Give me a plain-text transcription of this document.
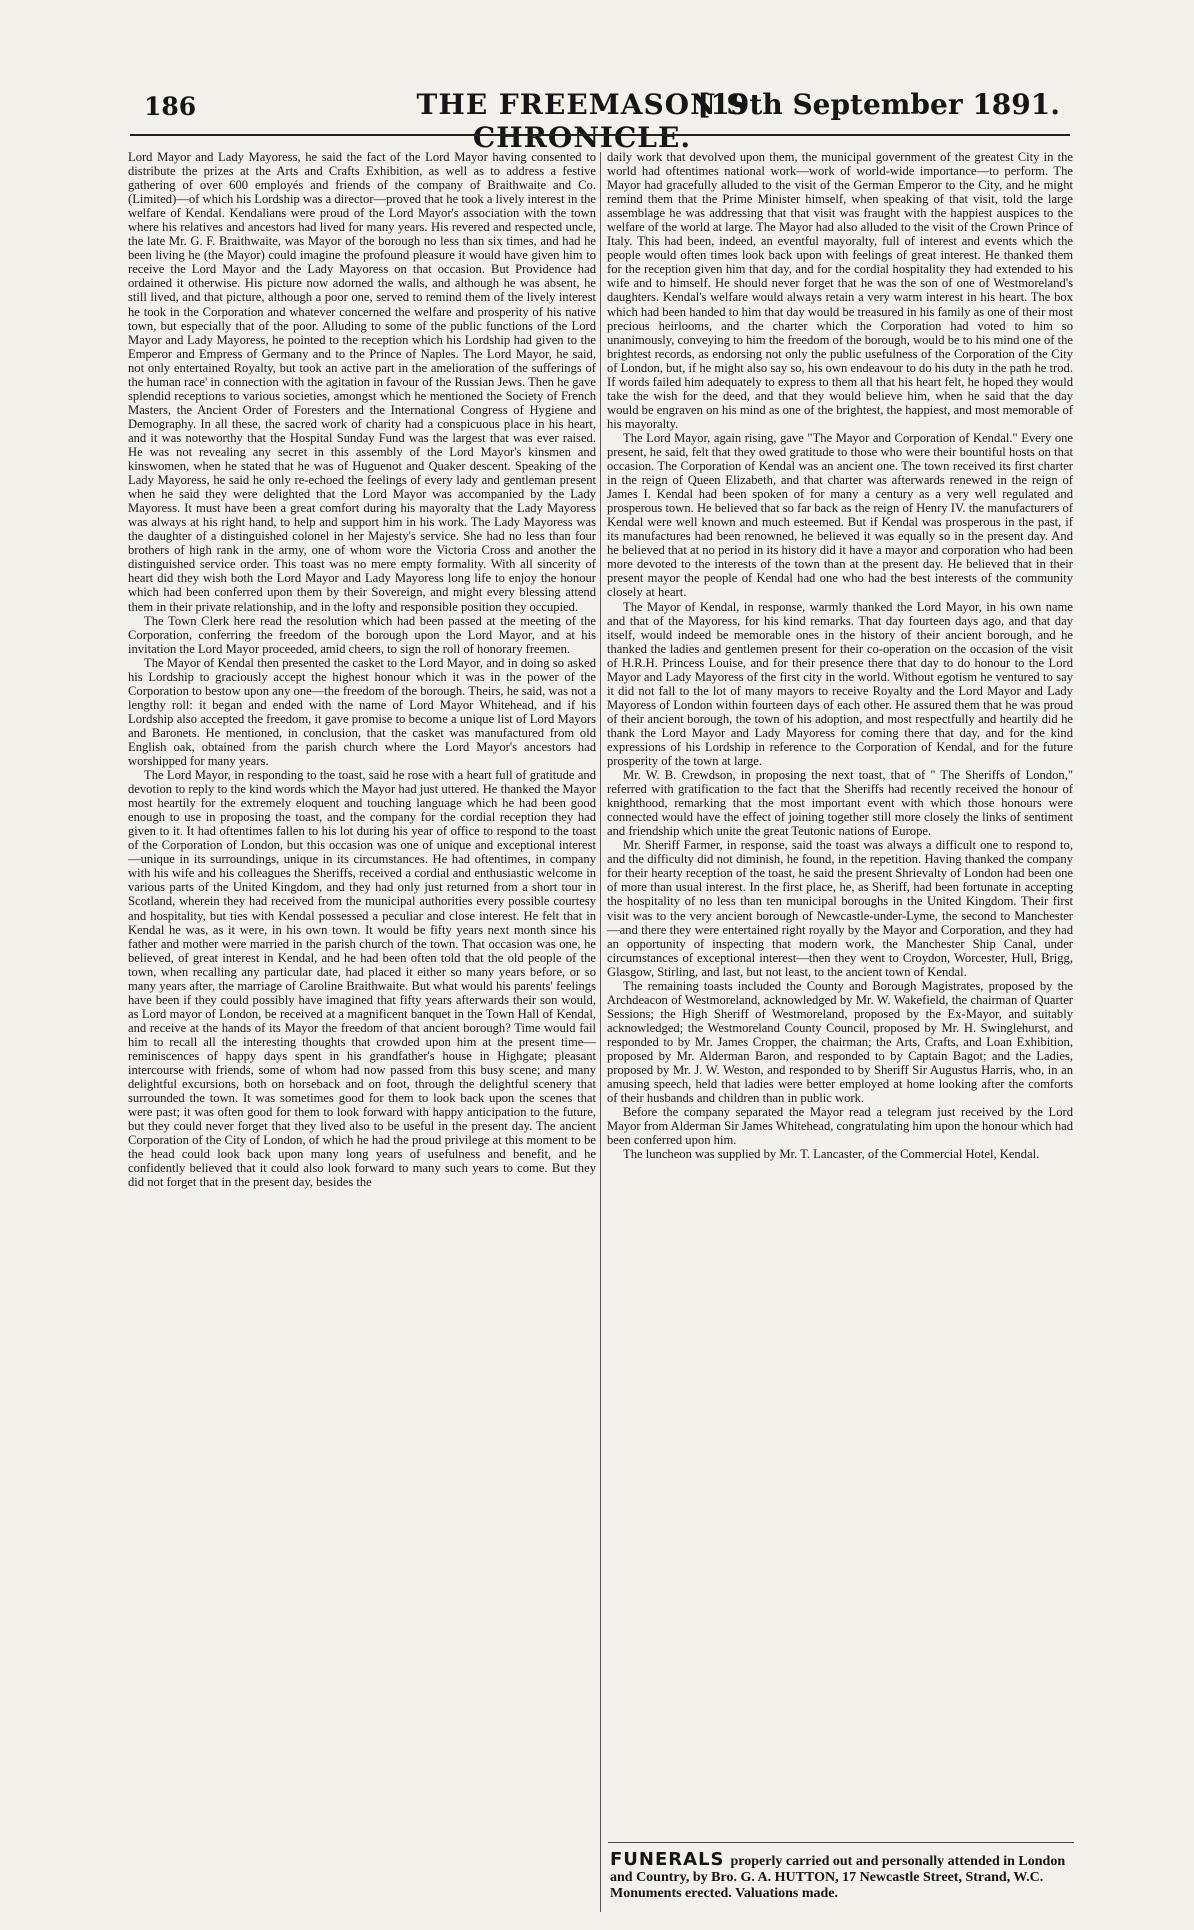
186	THE FREEMASON'S CHRONICLE.
[19th September 1891.

Lord Mayor and Lady Mayoress, he said the fact of the Lord Mayor having consented to distribute the prizes at the Arts and Crafts Exhibition, as well as to address a festive gathering of over 600 employés and friends of the company of Braithwaite and Co. (Limited)—of which his Lordship was a director—proved that he took a lively interest in the welfare of Kendal. Kendalians were proud of the Lord Mayor's association with the town where his relatives and ancestors had lived for many years. His revered and respected uncle, the late Mr. G. F. Braithwaite, was Mayor of the borough no less than six times, and had he been living he (the Mayor) could imagine the profound pleasure it would have given him to receive the Lord Mayor and the Lady Mayoress on that occasion. But Providence had ordained it otherwise. His picture now adorned the walls, and although he was absent, he still lived, and that picture, although a poor one, served to remind them of the lively interest he took in the Corporation and whatever concerned the welfare and prosperity of his native town, but especially that of the poor. Alluding to some of the public functions of the Lord Mayor and Lady Mayoress, he pointed to the reception which his Lordship had given to the Emperor and Empress of Germany and to the Prince of Naples. The Lord Mayor, he said, not only entertained Royalty, but took an active part in the amelioration of the sufferings of the human race' in connection with the agitation in favour of the Russian Jews. Then he gave splendid receptions to various societies, amongst which he mentioned the Society of French Masters, the Ancient Order of Foresters and the International Congress of Hygiene and Demography. In all these, the sacred work of charity had a conspicuous place in his heart, and it was noteworthy that the Hospital Sunday Fund was the largest that was ever raised. He was not revealing any secret in this assembly of the Lord Mayor's kinsmen and kinswomen, when he stated that he was of Huguenot and Quaker descent. Speaking of the Lady Mayoress, he said he only re-echoed the feelings of every lady and gentleman present when he said they were delighted that the Lord Mayor was accompanied by the Lady Mayoress. It must have been a great comfort during his mayoralty that the Lady Mayoress was always at his right hand, to help and support him in his work. The Lady Mayoress was the daughter of a distinguished colonel in her Majesty's service. She had no less than four brothers of high rank in the army, one of whom wore the Victoria Cross and another the distinguished service order. This toast was no mere empty formality. With all sincerity of heart did they wish both the Lord Mayor and Lady Mayoress long life to enjoy the honour which had been conferred upon them by their Sovereign, and might every blessing attend them in their private relationship, and in the lofty and responsible position they occupied.

The Town Clerk here read the resolution which had been passed at the meeting of the Corporation, conferring the freedom of the borough upon the Lord Mayor, and at his invitation the Lord Mayor proceeded, amid cheers, to sign the roll of honorary freemen.

The Mayor of Kendal then presented the casket to the Lord Mayor, and in doing so asked his Lordship to graciously accept the highest honour which it was in the power of the Corporation to bestow upon any one—the freedom of the borough. Theirs, he said, was not a lengthy roll: it began and ended with the name of Lord Mayor Whitehead, and if his Lordship also accepted the freedom, it gave promise to become a unique list of Lord Mayors and Baronets. He mentioned, in conclusion, that the casket was manufactured from old English oak, obtained from the parish church where the Lord Mayor's ancestors had worshipped for many years.

The Lord Mayor, in responding to the toast, said he rose with a heart full of gratitude and devotion to reply to the kind words which the Mayor had just uttered. He thanked the Mayor most heartily for the extremely eloquent and touching language which he had been good enough to use in proposing the toast, and the company for the cordial reception they had given to it. It had oftentimes fallen to his lot during his year of office to respond to the toast of the Corporation of London, but this occasion was one of unique and exceptional interest—unique in its surroundings, unique in its circumstances. He had oftentimes, in company with his wife and his colleagues the Sheriffs, received a cordial and enthusiastic welcome in various parts of the United Kingdom, and they had only just returned from a short tour in Scotland, wherein they had received from the municipal authorities every possible courtesy and hospitality, but ties with Kendal possessed a peculiar and close interest. He felt that in Kendal he was, as it were, in his own town. It would be fifty years next month since his father and mother were married in the parish church of the town. That occasion was one, he believed, of great interest in Kendal, and he had been often told that the old people of the town, when recalling any particular date, had placed it either so many years before, or so many years after, the marriage of Caroline Braithwaite. But what would his parents' feelings have been if they could possibly have imagined that fifty years afterwards their son would, as Lord mayor of London, be received at a magnificent banquet in the Town Hall of Kendal, and receive at the hands of its Mayor the freedom of that ancient borough? Time would fail him to recall all the interesting thoughts that crowded upon him at the present time—reminiscences of happy days spent in his grandfather's house in Highgate; pleasant intercourse with friends, some of whom had now passed from this busy scene; and many delightful excursions, both on horseback and on foot, through the delightful scenery that surrounded the town. It was sometimes good for them to look back upon the scenes that were past; it was often good for them to look forward with happy anticipation to the future, but they could never forget that they lived also to be useful in the present day. The ancient Corporation of the City of London, of which he had the proud privilege at this moment to be the head could look back upon many long years of usefulness and benefit, and he confidently believed that it could also look forward to many such years to come. But they did not forget that in the present day, besides the

daily work that devolved upon them, the municipal government of the greatest City in the world had oftentimes national work—work of world-wide importance—to perform. The Mayor had gracefully alluded to the visit of the German Emperor to the City, and he might remind them that the Prime Minister himself, when speaking of that visit, told the large assemblage he was addressing that that visit was fraught with the happiest auspices to the welfare of the world at large. The Mayor had also alluded to the visit of the Crown Prince of Italy. This had been, indeed, an eventful mayoralty, full of interest and events which the people would often times look back upon with feelings of great interest. He thanked them for the reception given him that day, and for the cordial hospitality they had extended to his wife and to himself. He should never forget that he was the son of one of Westmoreland's daughters. Kendal's welfare would always retain a very warm interest in his heart. The box which had been handed to him that day would be treasured in his family as one of their most precious heirlooms, and the charter which the Corporation had voted to him so unanimously, conveying to him the freedom of the borough, would be to his mind one of the brightest records, as endorsing not only the public usefulness of the Corporation of the City of London, but, if he might also say so, his own endeavour to do his duty in the path he trod. If words failed him adequately to express to them all that his heart felt, he hoped they would take the wish for the deed, and that they would believe him, when he said that the day would be engraven on his mind as one of the brightest, the happiest, and most memorable of his mayoralty.

The Lord Mayor, again rising, gave "The Mayor and Corporation of Kendal." Every one present, he said, felt that they owed gratitude to those who were their bountiful hosts on that occasion. The Corporation of Kendal was an ancient one. The town received its first charter in the reign of Queen Elizabeth, and that charter was afterwards renewed in the reign of James I. Kendal had been spoken of for many a century as a very well regulated and prosperous town. He believed that so far back as the reign of Henry IV. the manufacturers of Kendal were well known and much esteemed. But if Kendal was prosperous in the past, if its manufactures had been renowned, he believed it was equally so in the present day. And he believed that at no period in its history did it have a mayor and corporation who had been more devoted to the interests of the town than at the present day. He believed that in their present mayor the people of Kendal had one who had the best interests of the community closely at heart.

The Mayor of Kendal, in response, warmly thanked the Lord Mayor, in his own name and that of the Mayoress, for his kind remarks. That day fourteen days ago, and that day itself, would indeed be memorable ones in the history of their ancient borough, and he thanked the ladies and gentlemen present for their co-operation on the occasion of the visit of H.R.H. Princess Louise, and for their presence there that day to do honour to the Lord Mayor and Lady Mayoress of the first city in the world. Without egotism he ventured to say it did not fall to the lot of many mayors to receive Royalty and the Lord Mayor and Lady Mayoress of London within fourteen days of each other. He assured them that he was proud of their ancient borough, the town of his adoption, and most respectfully and heartily did he thank the Lord Mayor and Lady Mayoress for coming there that day, and for the kind expressions of his Lordship in reference to the Corporation of Kendal, and for the future prosperity of the town at large.

Mr. W. B. Crewdson, in proposing the next toast, that of " The Sheriffs of London," referred with gratification to the fact that the Sheriffs had recently received the honour of knighthood, remarking that the most important event with which those honours were connected would have the effect of joining together still more closely the links of sentiment and friendship which unite the great Teutonic nations of Europe.

Mr. Sheriff Farmer, in response, said the toast was always a difficult one to respond to, and the difficulty did not diminish, he found, in the repetition. Having thanked the company for their hearty reception of the toast, he said the present Shrievalty of London had been one of more than usual interest. In the first place, he, as Sheriff, had been fortunate in accepting the hospitality of no less than ten municipal boroughs in the United Kingdom. Their first visit was to the very ancient borough of Newcastle-under-Lyme, the second to Manchester—and there they were entertained right royally by the Mayor and Corporation, and they had an opportunity of inspecting that modern work, the Manchester Ship Canal, under circumstances of exceptional interest—then they went to Croydon, Worcester, Hull, Brigg, Glasgow, Stirling, and last, but not least, to the ancient town of Kendal.

The remaining toasts included the County and Borough Magistrates, proposed by the Archdeacon of Westmoreland, acknowledged by Mr. W. Wakefield, the chairman of Quarter Sessions; the High Sheriff of Westmoreland, proposed by the Ex-Mayor, and suitably acknowledged; the Westmoreland County Council, proposed by Mr. H. Swinglehurst, and responded to by Mr. James Cropper, the chairman; the Arts, Crafts, and Loan Exhibition, proposed by Mr. Alderman Baron, and responded to by Captain Bagot; and the Ladies, proposed by Mr. J. W. Weston, and responded to by Sheriff Sir Augustus Harris, who, in an amusing speech, held that ladies were better employed at home looking after the comforts of their husbands and children than in public work.

Before the company separated the Mayor read a telegram just received by the Lord Mayor from Alderman Sir James Whitehead, congratulating him upon the honour which had been conferred upon him.

The luncheon was supplied by Mr. T. Lancaster, of the Commercial Hotel, Kendal.

FUNERALS properly carried out and personally attended in London and Country, by Bro. G. A. HUTTON, 17 Newcastle Street, Strand, W.C. Monuments erected. Valuations made.
